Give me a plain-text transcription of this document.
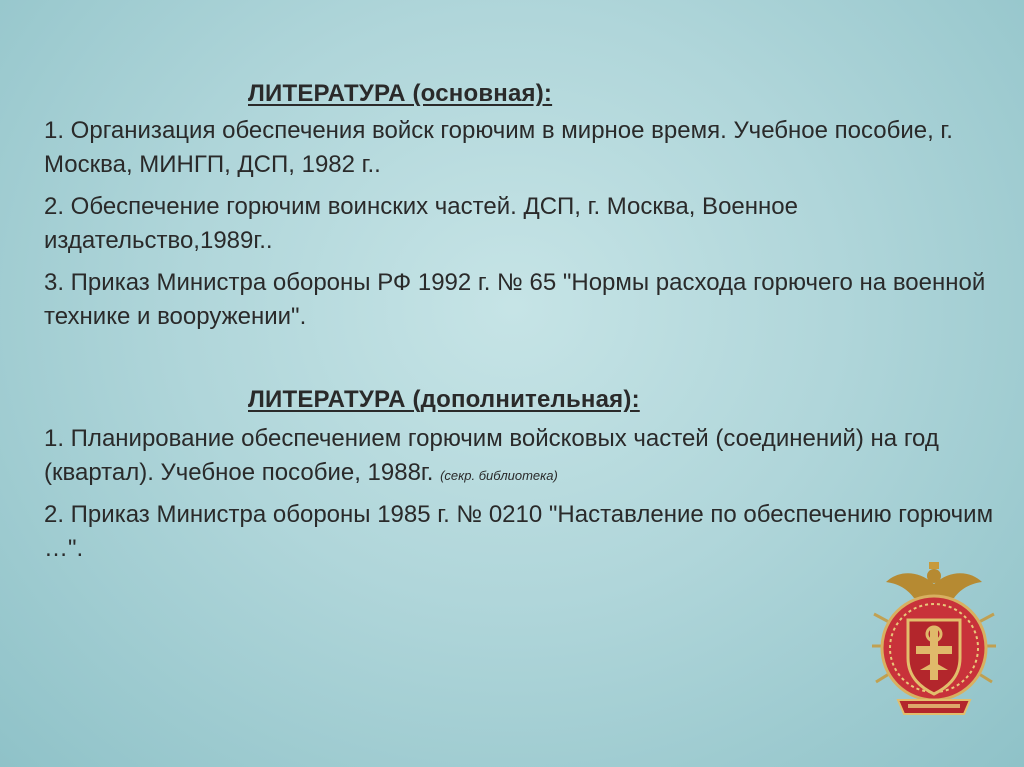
ЛИТЕРАТУРА (основная):
1. Организация обеспечения войск горючим в мирное время. Учебное пособие, г. Москва, МИНГП, ДСП, 1982 г..
2. Обеспечение горючим воинских частей. ДСП, г. Москва, Военное издательство,1989г..
3. Приказ Министра обороны РФ 1992 г. № 65 "Нормы расхода горючего на военной технике и вооружении".
ЛИТЕРАТУРА (дополнительная):
1. Планирование обеспечением горючим войсковых частей (соединений) на год (квартал). Учебное пособие, 1988г. (секр. библиотека)
2. Приказ Министра обороны 1985 г. № 0210 "Наставление по обеспечению горючим …".
